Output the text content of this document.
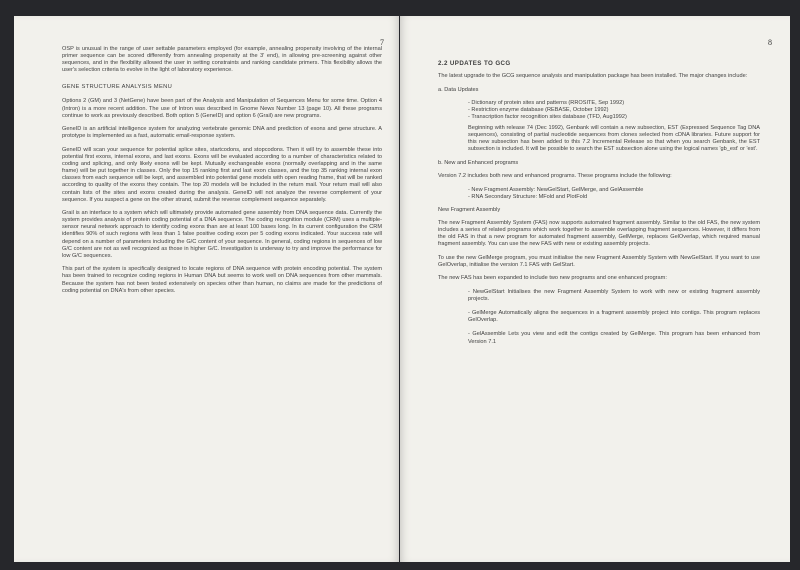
7

OSP is unusual in the range of user settable parameters employed (for example, annealing propensity involving of the internal primer sequence can be scored differently from annealing propensity at the 3' end), in allowing pre-screening against other sequences, and in the flexibility allowed the user in setting constraints and ranking candidate primers. This flexibility allows the user's selection criteria to evolve in the light of laboratory experience.

GENE STRUCTURE ANALYSIS MENU

Options 2 (GM) and 3 (NetGene) have been part of the Analysis and Manipulation of Sequences Menu for some time. Option 4 (Intron) is a more recent addition. The use of Intron was described in Gnome News Number 13 (page 10). All these programs continue to work as previously described. Both option 5 (GeneID) and option 6 (Grail) are new programs.

GeneID is an artificial intelligence system for analyzing vertebrate genomic DNA and prediction of exons and gene structure. A prototype is implemented as a fast, automatic email-response system.

GeneID will scan your sequence for potential splice sites, startcodons, and stopcodons. Then it will try to assemble these into potential first exons, internal exons, and last exons. Exons will be evaluated according to a number of characteristics related to coding and splicing, and only likely exons will be kept. Mutually exchangeable exons (normally overlapping and in the same frame) will be put together in classes. Only the top 15 ranking first and last exon classes, and the top 35 ranking internal exon classes from each sequence will be kept, and assembled into potential gene models with open reading frame, that will be ranked according to quality of the exons they contain. The top 20 models will be included in the return mail. Your return mail will also contain lists of the sites and exons created during the analysis. GeneID will not analyze the reverse complement of your sequence. If you suspect a gene on the other strand, submit the reverse complement sequence separately.

Grail is an interface to a system which will ultimately provide automated gene assembly from DNA sequence data. Currently the system provides analysis of protein coding potential of a DNA sequence. The coding recognition module (CRM) uses a multiple- sensor neural network approach to identify coding exons than are at least 100 bases long. In its current configuration the CRM identifies 90% of such regions with less than 1 false positive coding exon per 5 coding exons indicated. Your success rate will depend on a number of parameters including the G/C content of your sequence. In general, coding regions in sequences of low G/C content are not as well recognized as those in higher G/C. Investigation is underway to try and improve the performance for low G/C sequences.

This part of the system is specifically designed to locate regions of DNA sequence with protein encoding potential. The system has been trained to recognize coding regions in Human DNA but seems to work well on DNA sequences from other mammals. Because the system has not been tested extensively on species other than human, no claims are made for the predictions of coding potential on DNA's from other species.

8
2.2 UPDATES TO GCG

The latest upgrade to the GCG sequence analysis and manipulation package has been installed. The major changes include:

a. Data Updates
- Dictionary of protein sites and patterns (RROSITE, Sep 1992)
- Restriction enzyme database (REBASE, October 1992)
- Transcription factor recognition sites database (TFD, Aug1992)

Beginning with release 74 (Dec 1992), Genbank will contain a new subsection, EST (Expressed Sequence Tag DNA sequences), consisting of partial nucleotide sequences from clones selected from cDNA libraries. Future support for this new subsection has been added to this 7.2 Incremental Release so that when you search Genbank, the EST subsection is included. It will be possible to search the EST subsection alone using the logical names 'gb_est' or 'est'.

b. New and Enhanced programs

Version 7.2 includes both new and enhanced programs. These programs include the following:

- New Fragment Assembly: NewGelStart, GelMerge, and GelAssemble
- RNA Secondary Structure: MFold and PlotFold
New Fragment Assembly

The new Fragment Assembly System (FAS) now supports automated fragment assembly. Similar to the old FAS, the new system includes a series of related programs which work together to assemble overlapping fragment sequences. However, it differs from the old FAS in that a new program for automated fragment assembly, GelMerge, replaces GelOverlap, which required manual fragment assembly. You can use the new FAS with new or existing assembly projects.

To use the new GelMerge program, you must initialise the new Fragment Assembly System with NewGelStart. If you want to use GelOverlap, initialise the version 7.1 FAS with GelStart.

The new FAS has been expanded to include two new programs and one enhanced program:

- NewGelStart Initialises the new Fragment Assembly System to work with new or existing fragment assembly projects.

- GelMerge Automatically aligns the sequences in a fragment assembly project into contigs. This program replaces GelOverlap.

- GelAssemble Lets you view and edit the contigs created by GelMerge. This program has been enhanced from Version 7.1
